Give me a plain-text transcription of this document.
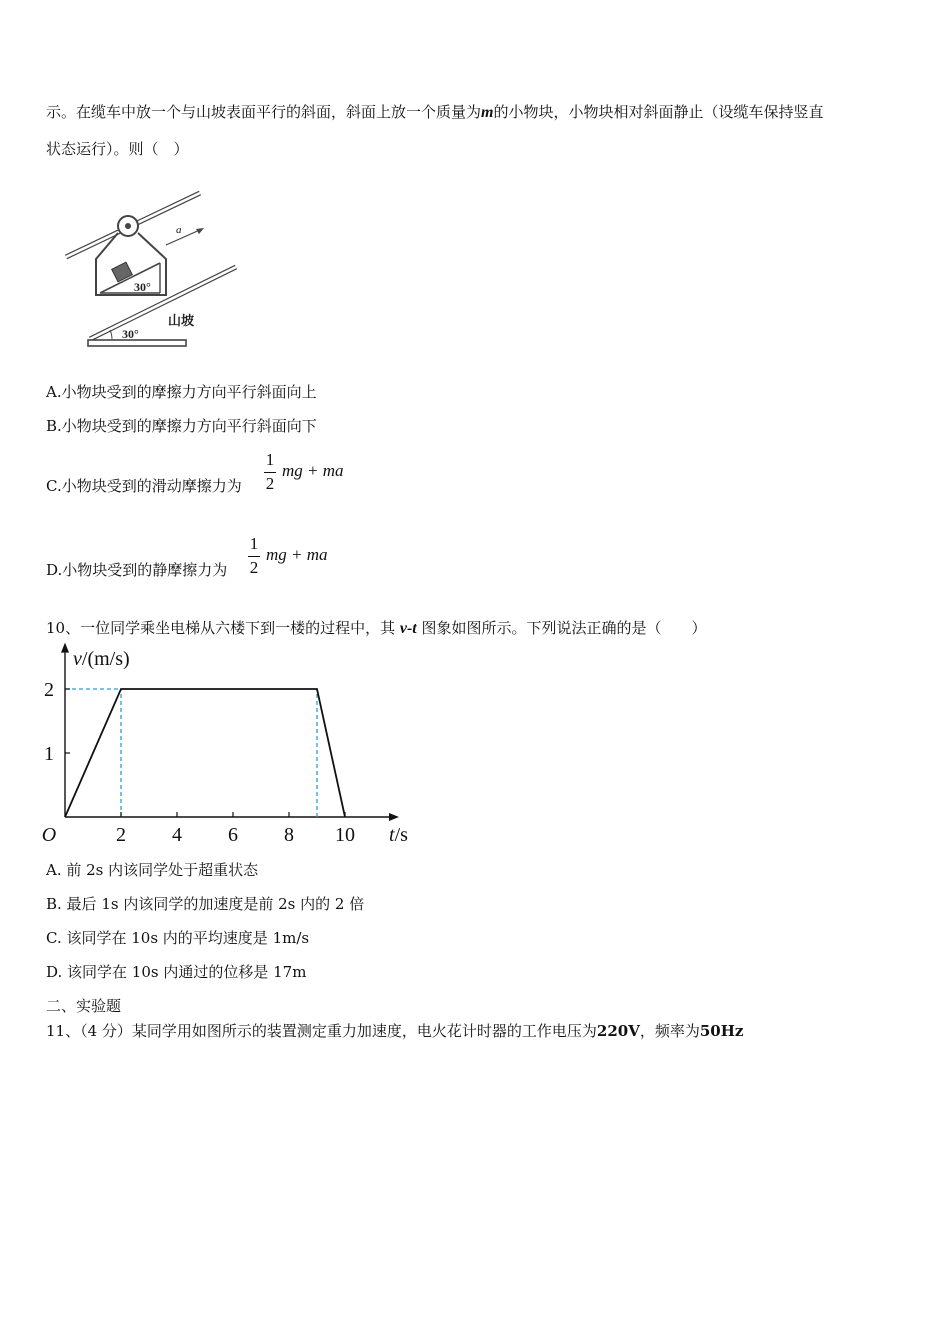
示。在缆车中放一个与山坡表面平行的斜面，斜面上放一个质量为m的小物块，小物块相对斜面静止（设缆车保持竖直
状态运行）。则（　）
30°
a
30°
山坡
A.小物块受到的摩擦力方向平行斜面向上
B.小物块受到的摩擦力方向平行斜面向下
C.小物块受到的滑动摩擦力为
1
2
mg + ma
D.小物块受到的静摩擦力为
1
2
mg + ma
10、一位同学乘坐电梯从六楼下到一楼的过程中，其 v-t 图象如图所示。下列说法正确的是（　　）
2 4 6 8 10
1
2
O	t/s
v/(m/s)
A. 前 2s 内该同学处于超重状态
B. 最后 1s 内该同学的加速度是前 2s 内的 2 倍
C. 该同学在 10s 内的平均速度是 1m/s
D. 该同学在 10s 内通过的位移是 17m
二、实验题
11、（4 分）某同学用如图所示的装置测定重力加速度，电火花计时器的工作电压为220V，频率为50Hz
